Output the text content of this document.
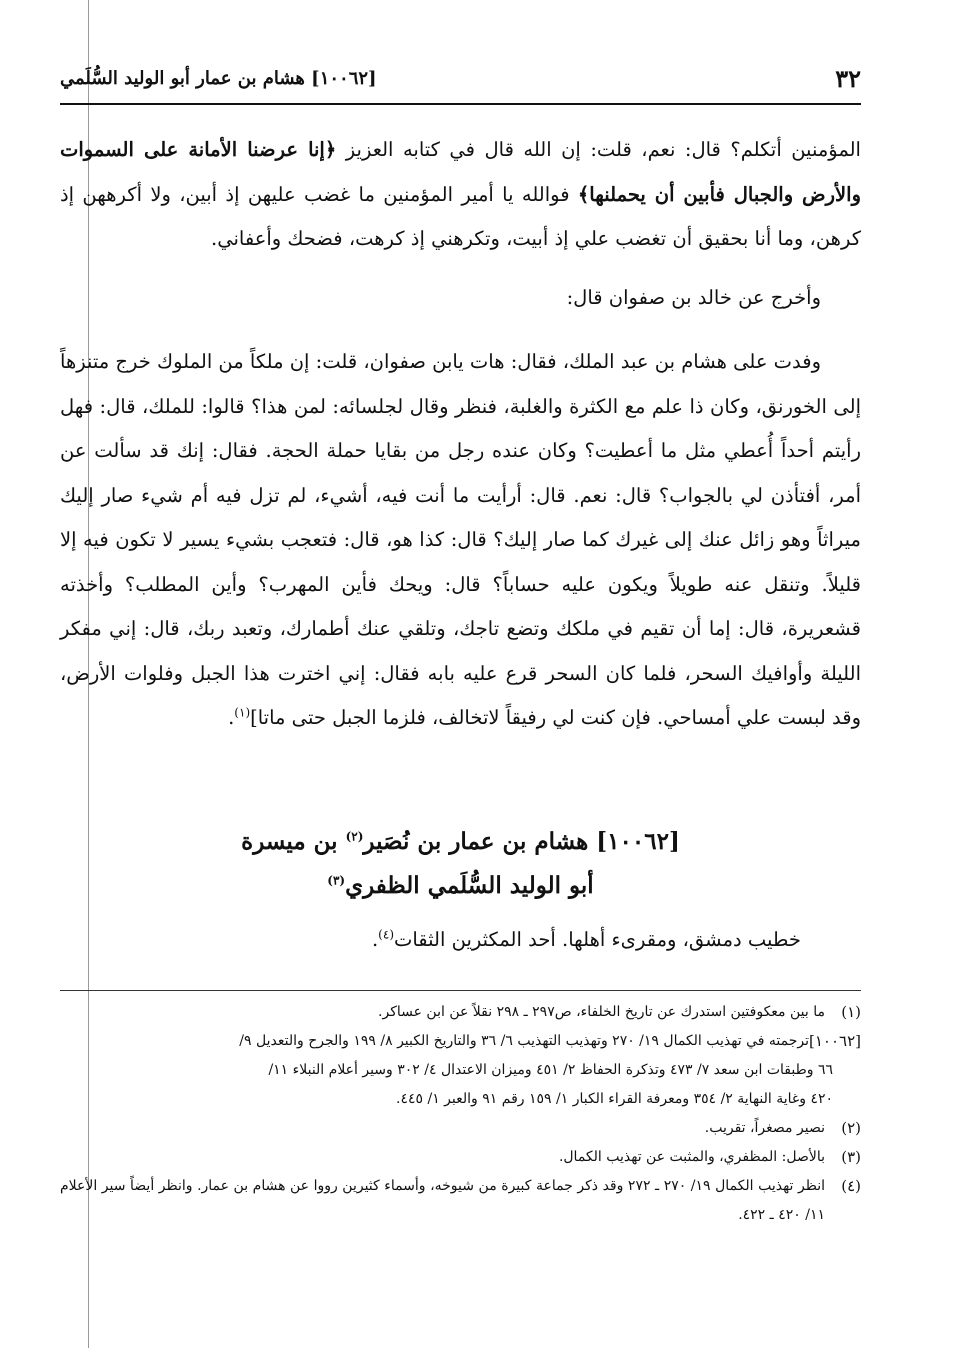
٣٢
[١٠٠٦٢] هشام بن عمار أبو الوليد السُّلَمي

المؤمنين أتكلم؟ قال: نعم، قلت: إن الله قال في كتابه العزيز ﴿إنا عرضنا الأمانة على السموات والأرض والجبال فأبين أن يحملنها﴾ فوالله يا أمير المؤمنين ما غضب عليهن إذ أبين، ولا أكرههن إذ كرهن، وما أنا بحقيق أن تغضب علي إذ أبيت، وتكرهني إذ كرهت، فضحك وأعفاني.

وأخرج عن خالد بن صفوان قال:

وفدت على هشام بن عبد الملك، فقال: هات يابن صفوان، قلت: إن ملكاً من الملوك خرج متنزهاً إلى الخورنق، وكان ذا علم مع الكثرة والغلبة، فنظر وقال لجلسائه: لمن هذا؟ قالوا: للملك، قال: فهل رأيتم أحداً أُعطي مثل ما أعطيت؟ وكان عنده رجل من بقايا حملة الحجة. فقال: إنك قد سألت عن أمر، أفتأذن لي بالجواب؟ قال: نعم. قال: أرأيت ما أنت فيه، أشيء، لم تزل فيه أم شيء صار إليك ميراثاً وهو زائل عنك إلى غيرك كما صار إليك؟ قال: كذا هو، قال: فتعجب بشيء يسير لا تكون فيه إلا قليلاً. وتنقل عنه طويلاً ويكون عليه حساباً؟ قال: ويحك فأين المهرب؟ وأين المطلب؟ وأخذته قشعريرة، قال: إما أن تقيم في ملكك وتضع تاجك، وتلقي عنك أطمارك، وتعبد ربك، قال: إني مفكر الليلة وأوافيك السحر، فلما كان السحر قرع عليه بابه فقال: إني اخترت هذا الجبل وفلوات الأرض، وقد لبست علي أمساحي. فإن كنت لي رفيقاً لاتخالف، فلزما الجبل حتى ماتا]$^{(١)}$.

[١٠٠٦٢] هشام بن عمار بن نُصَير$^{(٢)}$ بن ميسرة
أبو الوليد السُّلَمي الظفري$^{(٣)}$
خطيب دمشق، ومقرىء أهلها. أحد المكثرين الثقات$^{(٤)}$.
(١)
ما بين معكوفتين استدرك عن تاريخ الخلفاء، ص٢٩٧ ـ ٢٩٨ نقلاً عن ابن عساكر.
[١٠٠٦٢]
ترجمته في تهذيب الكمال ١٩/ ٢٧٠ وتهذيب التهذيب ٦/ ٣٦ والتاريخ الكبير ٨/ ١٩٩ والجرح والتعديل ٩/
٦٦ وطبقات ابن سعد ٧/ ٤٧٣ وتذكرة الحفاظ ٢/ ٤٥١ وميزان الاعتدال ٤/ ٣٠٢ وسير أعلام النبلاء ١١/
٤٢٠ وغاية النهاية ٢/ ٣٥٤ ومعرفة القراء الكبار ١/ ١٥٩ رقم ٩١ والعبر ١/ ٤٤٥.
(٢)
نصير مصغراً، تقريب.
(٣)
بالأصل: المظفري، والمثبت عن تهذيب الكمال.
(٤)
انظر تهذيب الكمال ١٩/ ٢٧٠ ـ ٢٧٢ وقد ذكر جماعة كبيرة من شيوخه، وأسماء كثيرين رووا عن هشام بن عمار. وانظر أيضاً سير الأعلام ١١/ ٤٢٠ ـ ٤٢٢.
